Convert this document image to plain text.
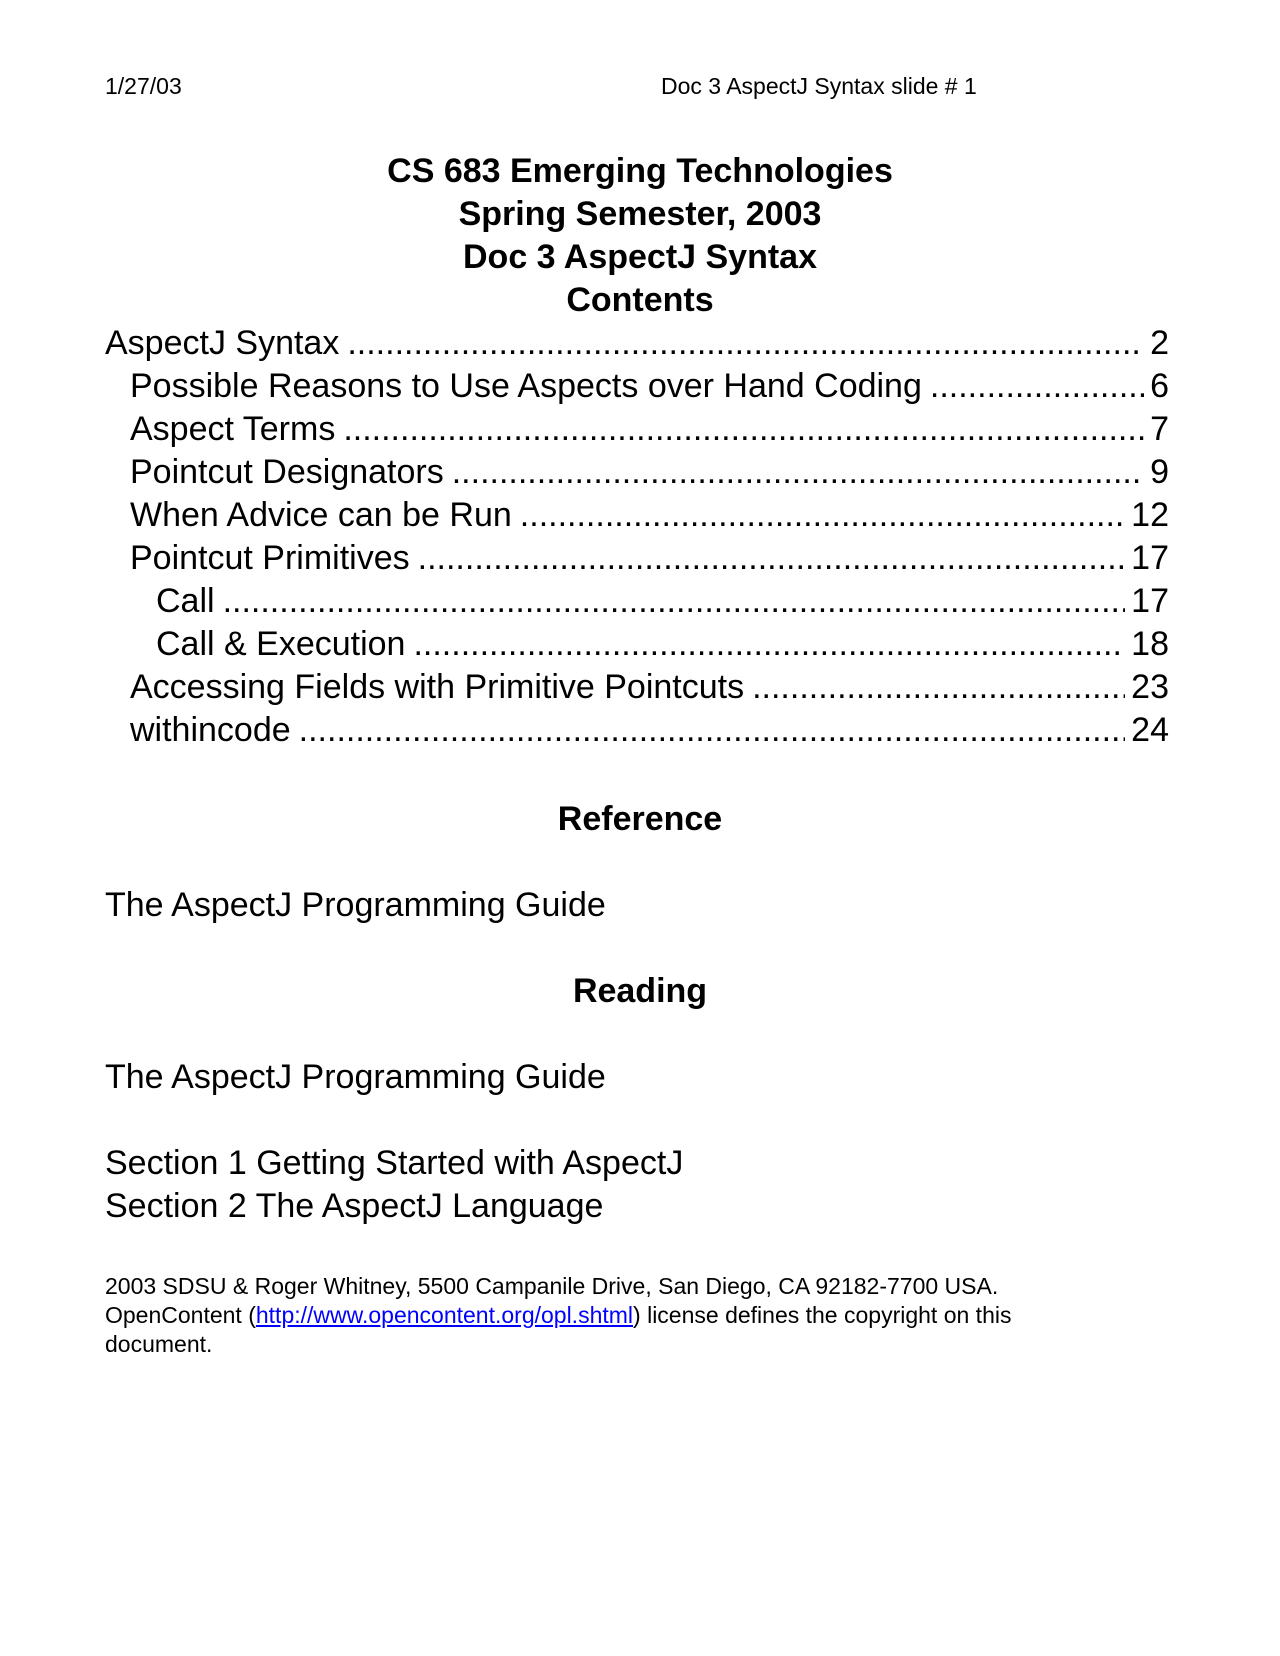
1/27/03	Doc 3 AspectJ Syntax slide # 1
CS 683 Emerging Technologies
Spring Semester, 2003
Doc 3 AspectJ Syntax
Contents
AspectJ Syntax .....	2
Possible Reasons to Use Aspects over Hand Coding .....	6
Aspect Terms .....	7
Pointcut Designators .....	9
When Advice can be Run .....	12
Pointcut Primitives .....	17
Call .....	17
Call & Execution .....	18
Accessing Fields with Primitive Pointcuts .....	23
withincode .....	24
Reference
The AspectJ Programming Guide
Reading
The AspectJ Programming Guide
Section 1 Getting Started with AspectJ
Section 2 The AspectJ Language
2003 SDSU & Roger Whitney, 5500 Campanile Drive, San Diego, CA 92182-7700 USA.
OpenContent (http://www.opencontent.org/opl.shtml) license defines the copyright on this
document.
